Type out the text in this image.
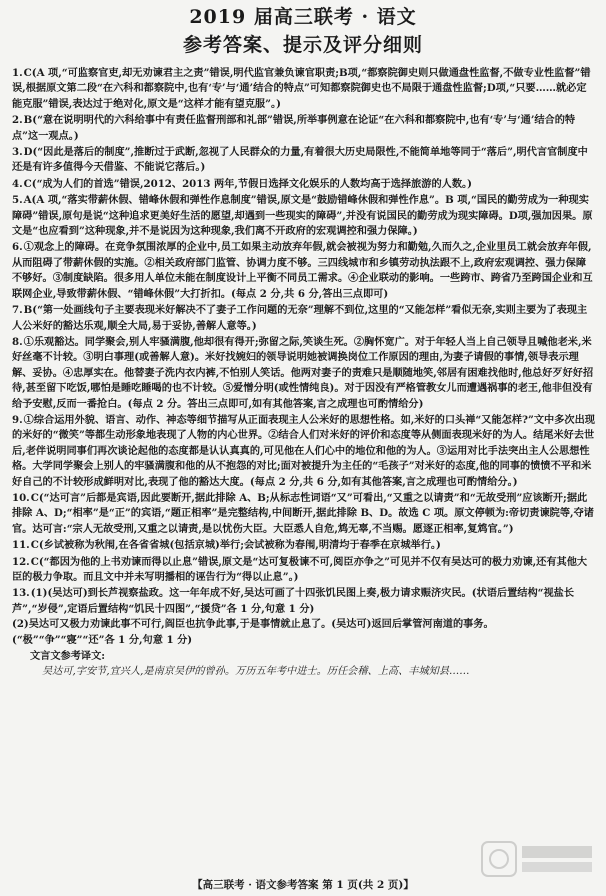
2019 届高三联考 · 语文
参考答案、提示及评分细则
1.C(A 项,“可监察官吏,却无劝谏君主之责”错误,明代监官兼负谏官职责;B项,“都察院御史则只做通盘性监督,不做专业性监督”错误,根据原文第二段“在六科和都察院中,也有‘专’与‘通’结合的特点”可知都察院御史也不局限于通盘性监督;D项,“只要……就必定能克服”错误,表达过于绝对化,原文是“这样才能有望克服”。)
2.B(“意在说明明代的六科给事中有责任监督刑部和礼部”错误,所举事例意在论证“在六科和都察院中,也有‘专’与‘通’结合的特点”这一观点。)
3.D(“因此是落后的制度”,推断过于武断,忽视了人民群众的力量,有着很大历史局限性,不能简单地等同于“落后”,明代言官制度中还是有许多值得今天借鉴、不能说它落后。)
4.C(“成为人们的首选”错误,2012、2013 两年,节假日选择文化娱乐的人数均高于选择旅游的人数。)
5.A(A 项,“落实带薪休假、错峰休假和弹性作息制度”错误,原文是“鼓励错峰休假和弹性作息”。B 项,“国民的勤劳成为一种现实障碍”错误,原句是说“这种追求更美好生活的愿望,却遇到一些现实的障碍”,并没有说国民的勤劳成为现实障碍。D项,强加因果。原文是“也应看到”这种现象,并不是说因为这种现象,我们离不开政府的宏观调控和强力保障。)
6.①观念上的障碍。在竞争氛围浓厚的企业中,员工如果主动放弃年假,就会被视为努力和勤勉,久而久之,企业里员工就会放弃年假,从而阻碍了带薪休假的实施。②相关政府部门监管、协调力度不够。三四线城市和乡镇劳动执法跟不上,政府宏观调控、强力保障不够好。③制度缺陷。很多用人单位未能在制度设计上平衡不同员工需求。④企业联动的影响。一些跨市、跨省乃至跨国企业和互联网企业,导致带薪休假、“错峰休假”大打折扣。(每点 2 分,共 6 分,答出三点即可)
7.B(“第一处画线句子主要表现米好解决不了妻子工作问题的无奈”理解不到位,这里的“又能怎样”看似无奈,实则主要为了表现主人公米好的豁达乐观,顺全大局,易于妥协,善解人意等。)
8.①乐观豁达。同学聚会,别人牢骚满腹,他却很有得开;弥留之际,笑谈生死。②胸怀宽广。对于年轻人当上自己领导且喊他老米,米好丝毫不计较。③明白事理(或善解人意)。米好找婉妇的领导说明她被调换岗位工作原因的理由,为妻子请假的事情,领导表示理解、妥协。④忠厚实在。他替妻子洗内衣内裤,不怕别人笑话。他两对妻子的责难只是顺随地笑,邻居有困难找他时,他总好歹好好招待,甚至留下吃饭,哪怕是睡吃睡喝的也不计较。⑤爱憎分明(或性情纯良)。对于因没有严格管教女儿而遭遇祸事的老王,他非但没有给予安慰,反而一番抢白。(每点 2 分。答出三点即可,如有其他答案,言之成理也可酌情给分)
9.①综合运用外貌、语言、动作、神态等细节描写从正面表现主人公米好的思想性格。如,米好的口头禅“又能怎样?”文中多次出现的米好的“微笑”等都生动形象地表现了人物的内心世界。②结合人们对米好的评价和态度等从侧面表现米好的为人。结尾米好去世后,老伴说明同事们再次谈论起他的态度都是认认真真的,可见他在人们心中的地位和他的为人。③运用对比手法突出主人公思想性格。大学同学聚会上别人的牢骚满腹和他的从不抱怨的对比;面对被提升为主任的“毛孩子”对米好的态度,他的同事的愤愤不平和米好自己的不计较形成鲜明对比,表现了他的豁达大度。(每点 2 分,共 6 分,如有其他答案,言之成理也可酌情给分。)
10.C(“达可言”后都是宾语,因此要断开,据此排除 A、B;从标志性词语“又”可看出,“又重之以请责”和“无故受刑”应该断开;据此排除 A、D;“相率”是“正”的宾语,“题正相率”是完整结构,中间断开,据此排除 B、D。故选 C 项。原文停顿为:帝切责谏院等,夺诸官。达可言:“宗人无故受刑,又重之以请责,是以忧伤大臣。大臣悉人自危,鸩无辜,不当赐。愿逐正相率,复鸩官。”)
11.C(乡试被称为秋闱,在各省省城(包括京城)举行;会试被称为春闱,明清均于春季在京城举行。)
12.C(“都因为他的上书劝谏而得以止息”错误,原文是“达可复极谏不可,阅臣亦争之”可见并不仅有吴达可的极力劝谏,还有其他大臣的极力争取。而且文中并未写明播相的诬告行为“得以止息”。)
13.(1)(吴达可)到长芦视察盐政。这一年年成不好,吴达可画了十四张饥民图上奏,极力请求赈济灾民。(状语后置结构“视盐长芦”,“岁侵”,定语后置结构“饥民十四图”,“援贷”各 1 分,句意 1 分)
(2)吴达可又极力劝谏此事不可行,阎臣也抗争此事,于是事情就止息了。(吴达可)返回后掌管河南道的事务。(“极”“争”“寝”“还”各 1 分,句意 1 分)
文言文参考译文:
吴达可,字安节,宜兴人,是南京吴伊的曾孙。万历五年考中进士。历任会稽、上高、丰城知县……
【高三联考 · 语文参考答案 第 1 页(共 2 页)】
